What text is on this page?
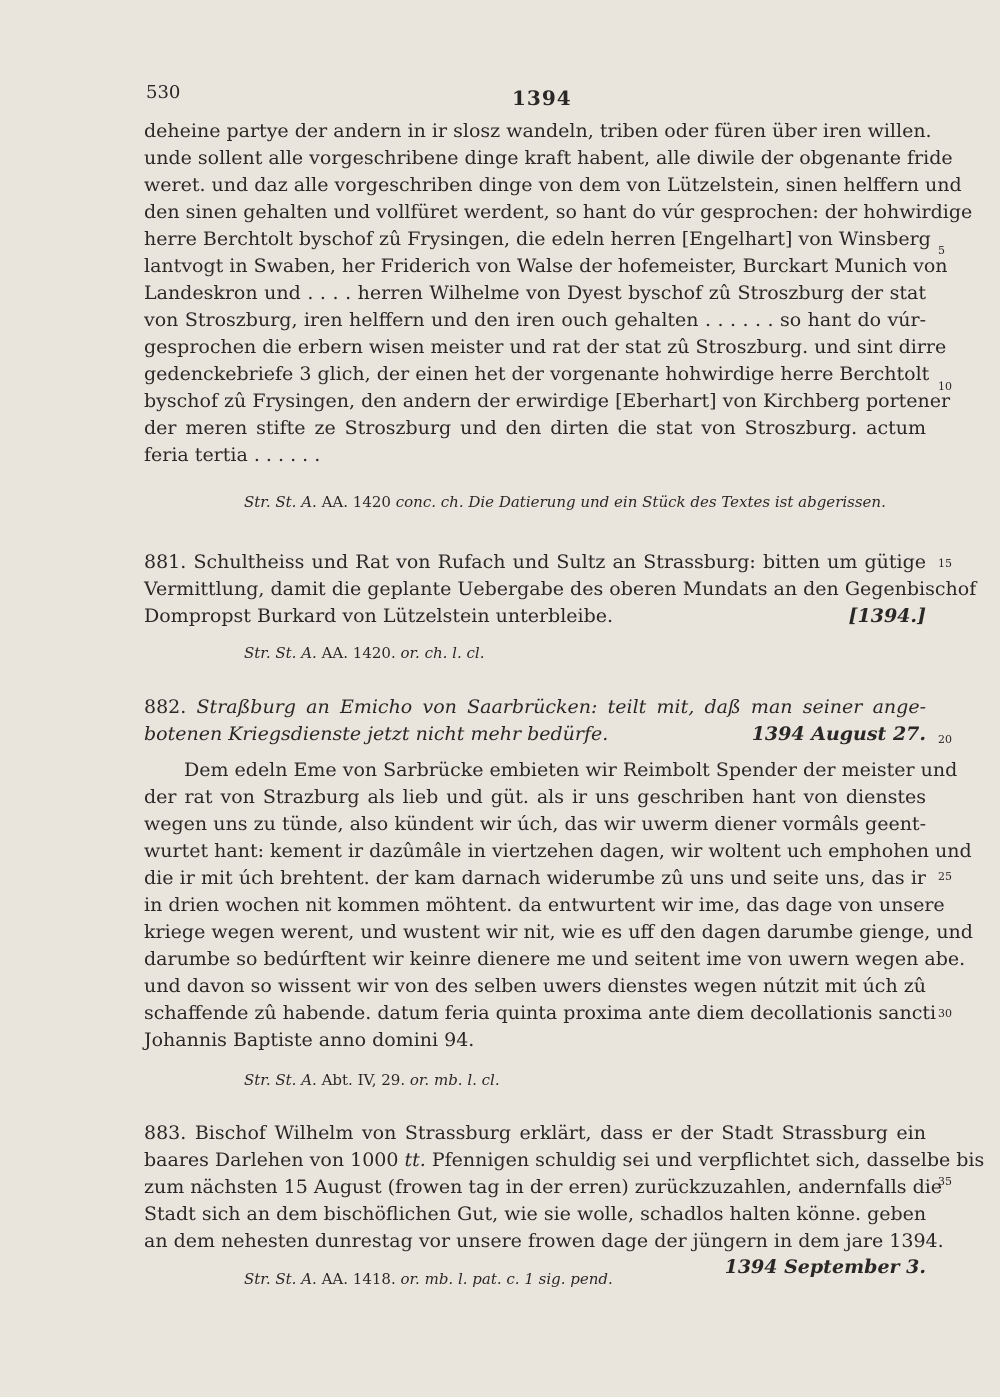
530	1394
deheine partye der andern in ir slosz wandeln, triben oder füren über iren willen.
unde sollent alle vorgeschribene dinge kraft habent, alle diwile der obgenante fride
weret. und daz alle vorgeschriben dinge von dem von Lützelstein, sinen helffern und
den sinen gehalten und vollfüret werdent, so hant do vúr gesprochen: der hohwirdige
herre Berchtolt byschof zû Frysingen, die edeln herren [Engelhart] von Winsberg
lantvogt in Swaben, her Friderich von Walse der hofemeister, Burckart Munich von
Landeskron und . . . . herren Wilhelme von Dyest byschof zû Stroszburg der stat
von Stroszburg, iren helffern und den iren ouch gehalten . . . . . . so hant do vúr-
gesprochen die erbern wisen meister und rat der stat zû Stroszburg. und sint dirre
gedenckebriefe 3 glich, der einen het der vorgenante hohwirdige herre Berchtolt
byschof zû Frysingen, den andern der erwirdige [Eberhart] von Kirchberg portener
der meren stifte ze Stroszburg und den dirten die stat von Stroszburg. actum
feria tertia . . . . . .
Str. St. A. AA. 1420 conc. ch. Die Datierung und ein Stück des Textes ist abgerissen.
881. Schultheiss und Rat von Rufach und Sultz an Strassburg: bitten um gütige
Vermittlung, damit die geplante Uebergabe des oberen Mundats an den Gegenbischof
Dompropst Burkard von Lützelstein unterbleibe.	[1394.]
Str. St. A. AA. 1420. or. ch. l. cl.
882. Straßburg an Emicho von Saarbrücken: teilt mit, daß man seiner ange-
botenen Kriegsdienste jetzt nicht mehr bedürfe.	1394 August 27.
Dem edeln Eme von Sarbrücke embieten wir Reimbolt Spender der meister und
der rat von Strazburg als lieb und güt. als ir uns geschriben hant von dienstes
wegen uns zu tünde, also kündent wir úch, das wir uwerm diener vormâls geent-
wurtet hant: kement ir dazûmâle in viertzehen dagen, wir woltent uch emphohen und
die ir mit úch brehtent. der kam darnach widerumbe zû uns und seite uns, das ir
in drien wochen nit kommen möhtent. da entwurtent wir ime, das dage von unsere
kriege wegen werent, und wustent wir nit, wie es uff den dagen darumbe gienge, und
darumbe so bedúrftent wir keinre dienere me und seitent ime von uwern wegen abe.
und davon so wissent wir von des selben uwers dienstes wegen nútzit mit úch zû
schaffende zû habende. datum feria quinta proxima ante diem decollationis sancti
Johannis Baptiste anno domini 94.
Str. St. A. Abt. IV, 29. or. mb. l. cl.
883. Bischof Wilhelm von Strassburg erklärt, dass er der Stadt Strassburg ein
baares Darlehen von 1000 tt. Pfennigen schuldig sei und verpflichtet sich, dasselbe bis
zum nächsten 15 August (frowen tag in der erren) zurückzuzahlen, andernfalls die
Stadt sich an dem bischöflichen Gut, wie sie wolle, schadlos halten könne. geben
an dem nehesten dunrestag vor unsere frowen dage der jüngern in dem jare 1394.
1394 September 3.
Str. St. A. AA. 1418. or. mb. l. pat. c. 1 sig. pend.
5
10
15
20
25
30
35
